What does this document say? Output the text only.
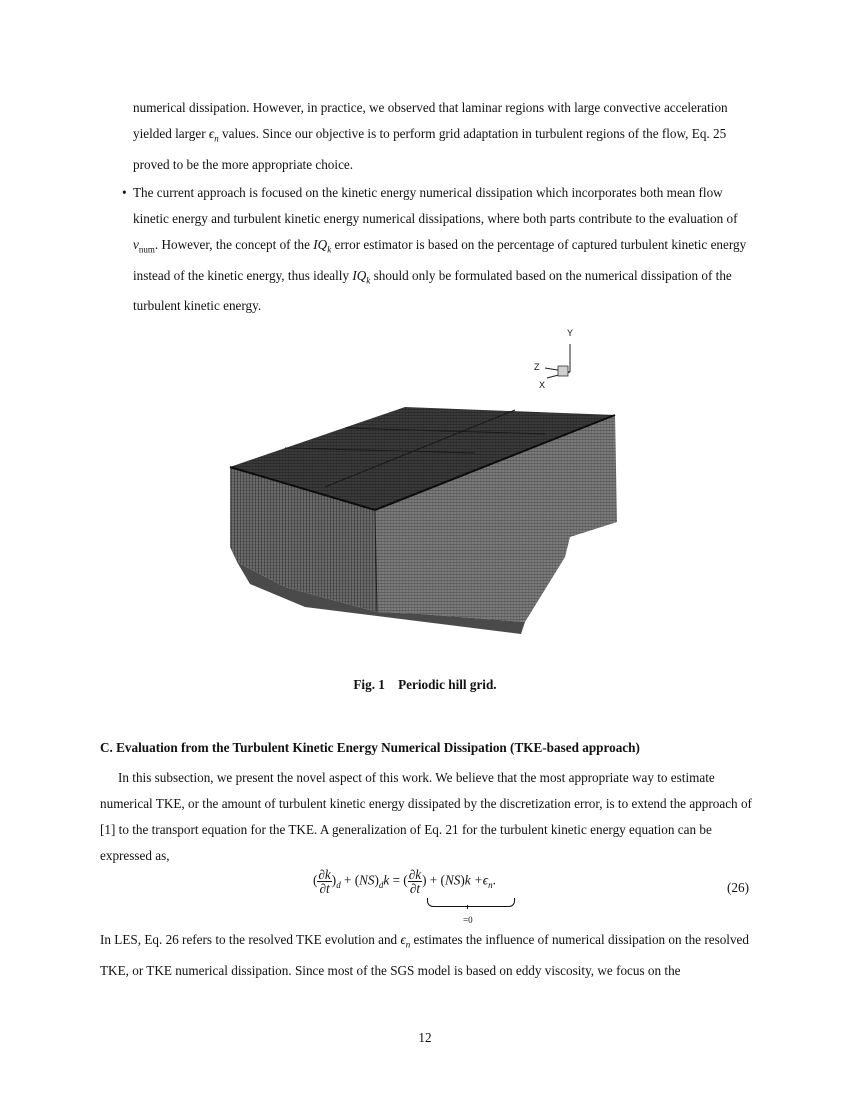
numerical dissipation. However, in practice, we observed that laminar regions with large convective acceleration
yielded larger $\epsilon_n$ values. Since our objective is to perform grid adaptation in turbulent regions of the flow, Eq. 25
proved to be the more appropriate choice.
• The current approach is focused on the kinetic energy numerical dissipation which incorporates both mean flow kinetic energy and turbulent kinetic energy numerical dissipations, where both parts contribute to the evaluation of $\nu_{num}$. However, the concept of the $IQ_k$ error estimator is based on the percentage of captured turbulent kinetic energy instead of the kinetic energy, thus ideally $IQ_k$ should only be formulated based on the numerical dissipation of the turbulent kinetic energy.
Y
Z
X
Fig. 1    Periodic hill grid.
C. Evaluation from the Turbulent Kinetic Energy Numerical Dissipation (TKE-based approach)
In this subsection, we present the novel aspect of this work. We believe that the most appropriate way to estimate numerical TKE, or the amount of turbulent kinetic energy dissipated by the discretization error, is to extend the approach of [1] to the transport equation for the TKE. A generalization of Eq. 21 for the turbulent kinetic energy equation can be expressed as,
( $\frac{\partial k}{\partial t} )_d + (NS)_dk$ = ( $\frac{\partial k}{\partial t}$ ) + $(NS)k +\epsilon_n$.
=0
(26)
In LES, Eq. 26 refers to the resolved TKE evolution and $\epsilon_n$ estimates the influence of numerical dissipation on the resolved TKE, or TKE numerical dissipation. Since most of the SGS model is based on eddy viscosity, we focus on the
12
